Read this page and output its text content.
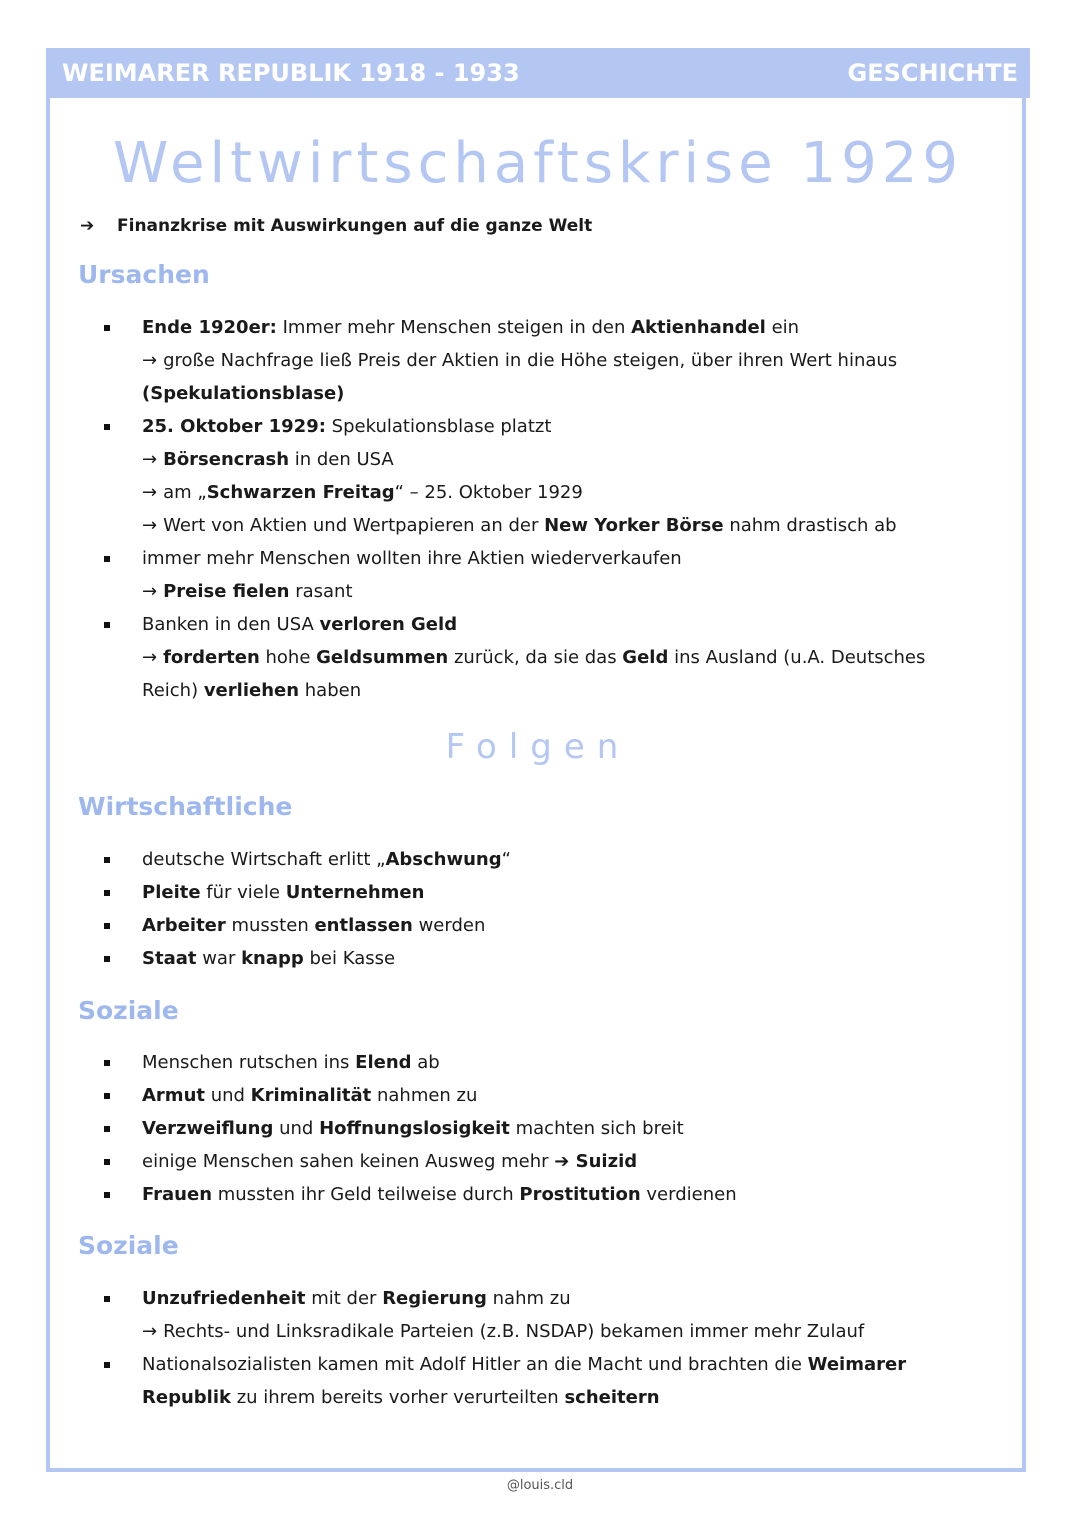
WEIMARER REPUBLIK 1918 - 1933	GESCHICHTE
Weltwirtschaftskrise 1929
➔ Finanzkrise mit Auswirkungen auf die ganze Welt
Ursachen
Ende 1920er: Immer mehr Menschen steigen in den Aktienhandel ein
→ große Nachfrage ließ Preis der Aktien in die Höhe steigen, über ihren Wert hinaus
(Spekulationsblase)
25. Oktober 1929: Spekulationsblase platzt
→ Börsencrash in den USA
→ am „Schwarzen Freitag“ – 25. Oktober 1929
→ Wert von Aktien und Wertpapieren an der New Yorker Börse nahm drastisch ab
immer mehr Menschen wollten ihre Aktien wiederverkaufen
→ Preise fielen rasant
Banken in den USA verloren Geld
→ forderten hohe Geldsummen zurück, da sie das Geld ins Ausland (u.A. Deutsches
Reich) verliehen haben
Folgen
Wirtschaftliche
deutsche Wirtschaft erlitt „Abschwung“
Pleite für viele Unternehmen
Arbeiter mussten entlassen werden
Staat war knapp bei Kasse
Soziale
Menschen rutschen ins Elend ab
Armut und Kriminalität nahmen zu
Verzweiflung und Hoffnungslosigkeit machten sich breit
einige Menschen sahen keinen Ausweg mehr ➔ Suizid
Frauen mussten ihr Geld teilweise durch Prostitution verdienen
Soziale
Unzufriedenheit mit der Regierung nahm zu
→ Rechts- und Linksradikale Parteien (z.B. NSDAP) bekamen immer mehr Zulauf
Nationalsozialisten kamen mit Adolf Hitler an die Macht und brachten die Weimarer
Republik zu ihrem bereits vorher verurteilten scheitern
@louis.cld
